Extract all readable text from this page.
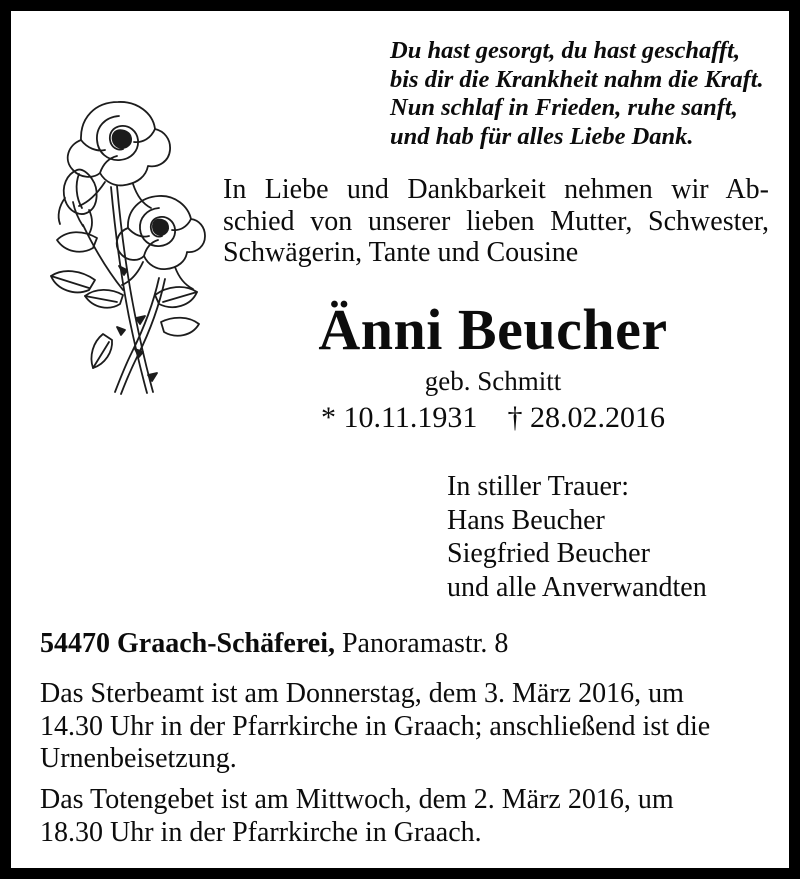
Du hast gesorgt, du hast geschafft,
bis dir die Krankheit nahm die Kraft.
Nun schlaf in Frieden, ruhe sanft,
und hab für alles Liebe Dank.
In Liebe und Dankbarkeit nehmen wir Ab-
schied von unserer lieben Mutter, Schwester,
Schwägerin, Tante und Cousine
Änni Beucher
geb. Schmitt
* 10.11.1931 † 28.02.2016
In stiller Trauer:
Hans Beucher
Siegfried Beucher
und alle Anverwandten
54470 Graach-Schäferei, Panoramastr. 8
Das Sterbeamt ist am Donnerstag, dem 3. März 2016, um
14.30 Uhr in der Pfarrkirche in Graach; anschließend ist die
Urnenbeisetzung.
Das Totengebet ist am Mittwoch, dem 2. März 2016, um
18.30 Uhr in der Pfarrkirche in Graach.
